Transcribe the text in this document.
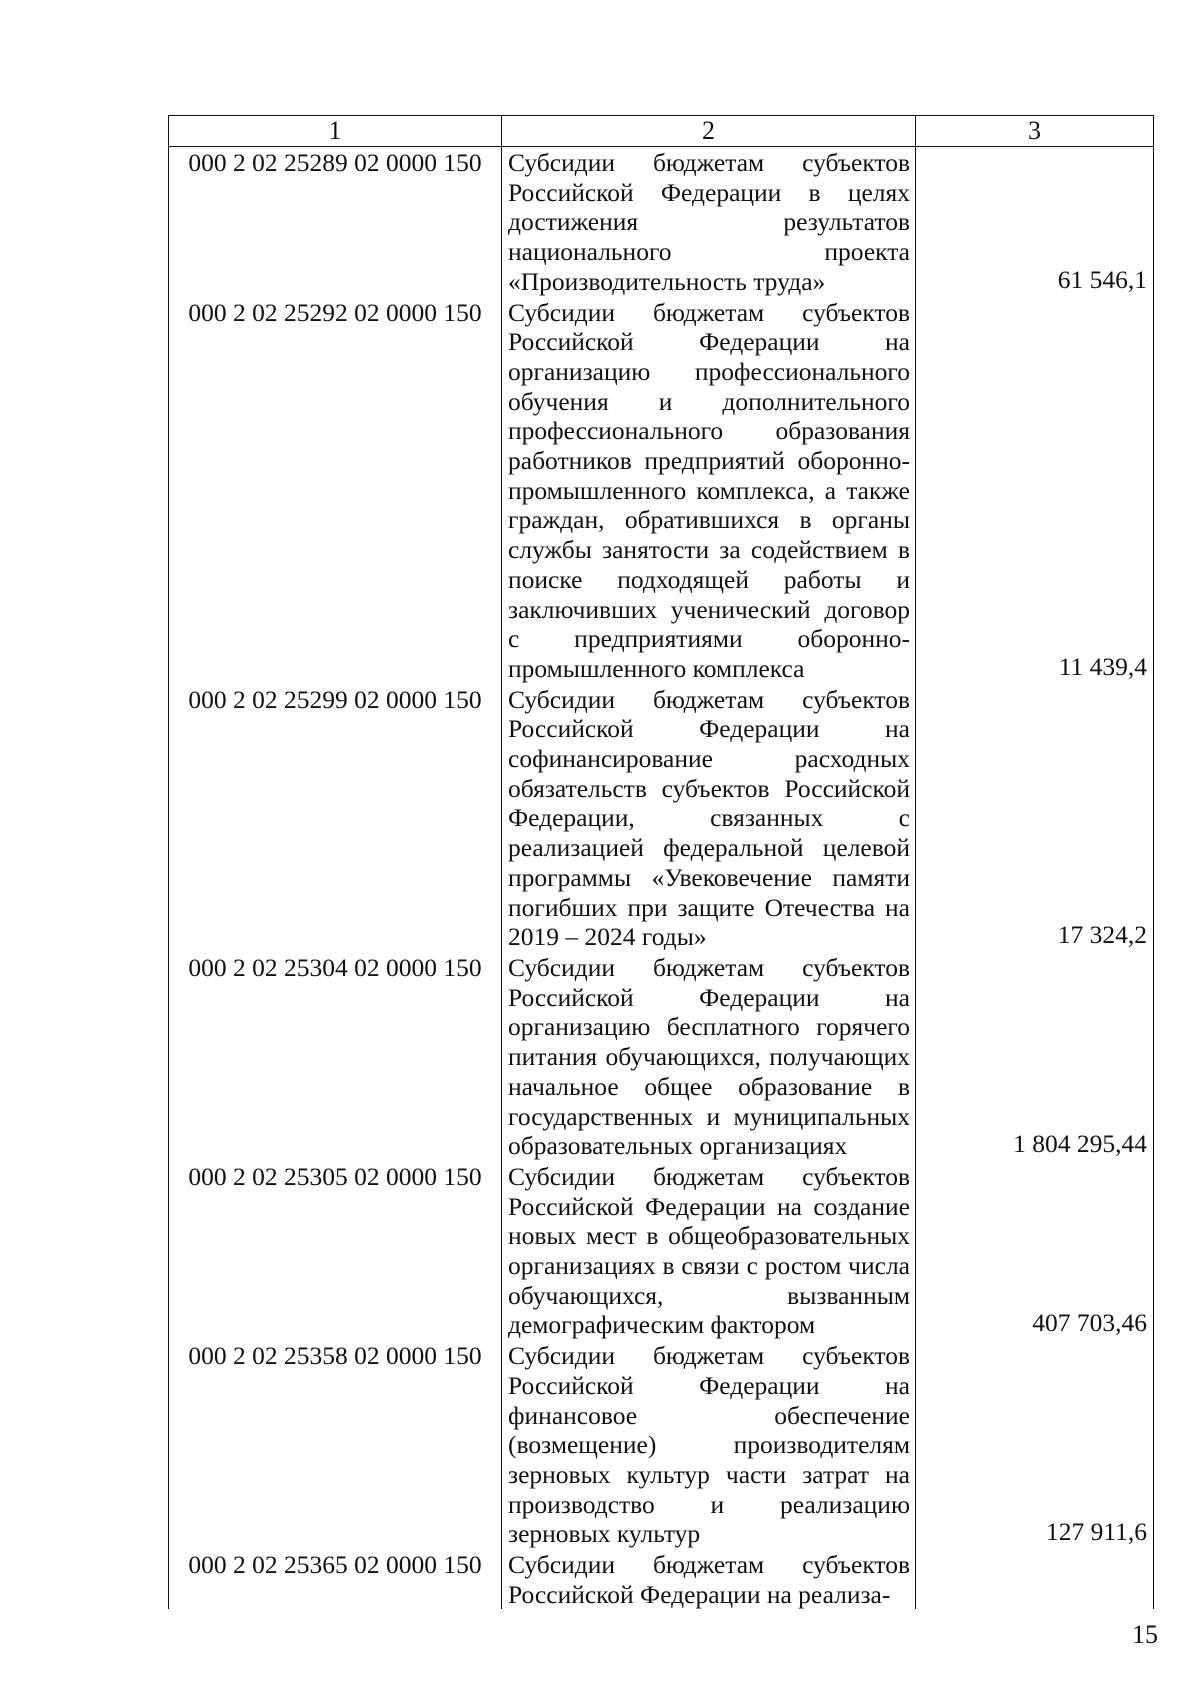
1	2	3
000 2 02 25289 02 0000 150	Субсидии бюджетам субъектов Российской Федерации в целях достижения результатов национального проекта «Производительность труда»	61 546,1
000 2 02 25292 02 0000 150	Субсидии бюджетам субъектов Российской Федерации на организацию профессионального обучения и дополнительного профессионального образования работников предприятий оборонно-промышленного комплекса, а также граждан, обратившихся в органы службы занятости за содействием в поиске подходящей работы и заключивших ученический договор с предприятиями оборонно-промышленного комплекса	11 439,4
000 2 02 25299 02 0000 150	Субсидии бюджетам субъектов Российской Федерации на софинансирование расходных обязательств субъектов Российской Федерации, связанных с реализацией федеральной целевой программы «Увековечение памяти погибших при защите Отечества на 2019 – 2024 годы»	17 324,2
000 2 02 25304 02 0000 150	Субсидии бюджетам субъектов Российской Федерации на организацию бесплатного горячего питания обучающихся, получающих начальное общее образование в государственных и муниципальных образовательных организациях	1 804 295,44
000 2 02 25305 02 0000 150	Субсидии бюджетам субъектов Российской Федерации на создание новых мест в общеобразовательных организациях в связи с ростом числа обучающихся, вызванным демографическим фактором	407 703,46
000 2 02 25358 02 0000 150	Субсидии бюджетам субъектов Российской Федерации на финансовое обеспечение (возмещение) производителям зерновых культур части затрат на производство и реализацию зерновых культур	127 911,6
000 2 02 25365 02 0000 150	Субсидии бюджетам субъектов Российской Федерации на реализа-	
15
